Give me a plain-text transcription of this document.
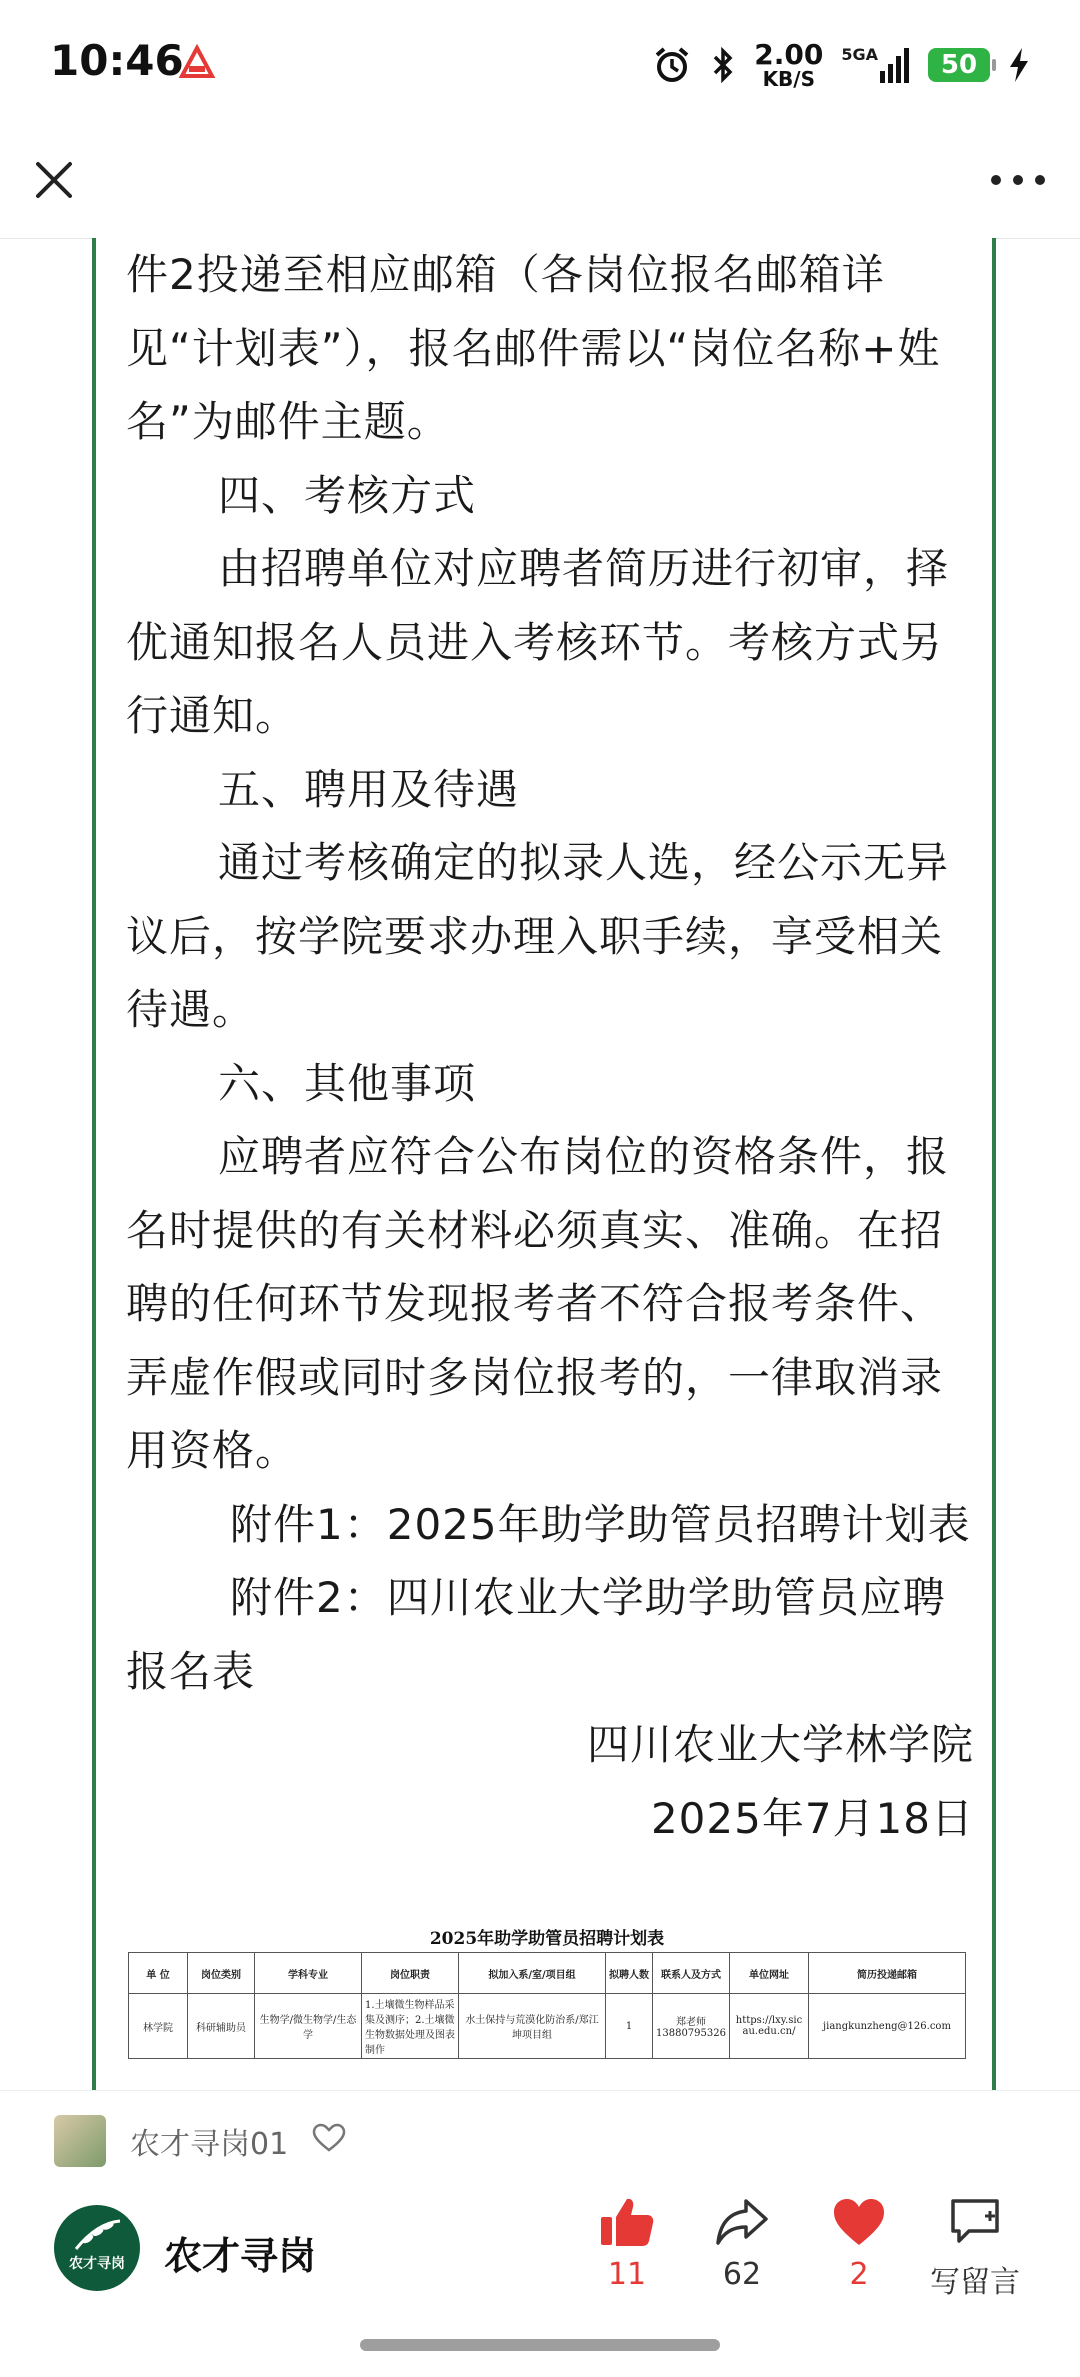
10:46	2.00
KB/S
5GA	50

件2投递至相应邮箱（各岗位报名邮箱详见“计划表”），报名邮件需以“岗位名称+姓名”为邮件主题。

四、考核方式

由招聘单位对应聘者简历进行初审，择优通知报名人员进入考核环节。考核方式另行通知。

五、聘用及待遇

通过考核确定的拟录人选，经公示无异议后，按学院要求办理入职手续，享受相关待遇。

六、其他事项

应聘者应符合公布岗位的资格条件，报名时提供的有关材料必须真实、准确。在招聘的任何环节发现报考者不符合报考条件、弄虚作假或同时多岗位报考的，一律取消录用资格。

附件1：2025年助学助管员招聘计划表

附件2：四川农业大学助学助管员应聘报名表

四川农业大学林学院

2025年7月18日

2025年助学助管员招聘计划表
单 位	岗位类别	学科专业	岗位职责	拟加入系/室/项目组	拟聘人数	联系人及方式	单位网址	简历投递邮箱
林学院	科研辅助员	生物学/微生物学/生态学	1.土壤微生物样品采集及测序；2.土壤微生物数据处理及图表制作	水土保持与荒漠化防治系/郑江坤项目组	1	郑老师 13880795326	https://lxy.sicau.edu.cn/	jiangkunzheng@126.com
农才寻岗01
农才寻岗	农才寻岗	11	62	2	写留言
